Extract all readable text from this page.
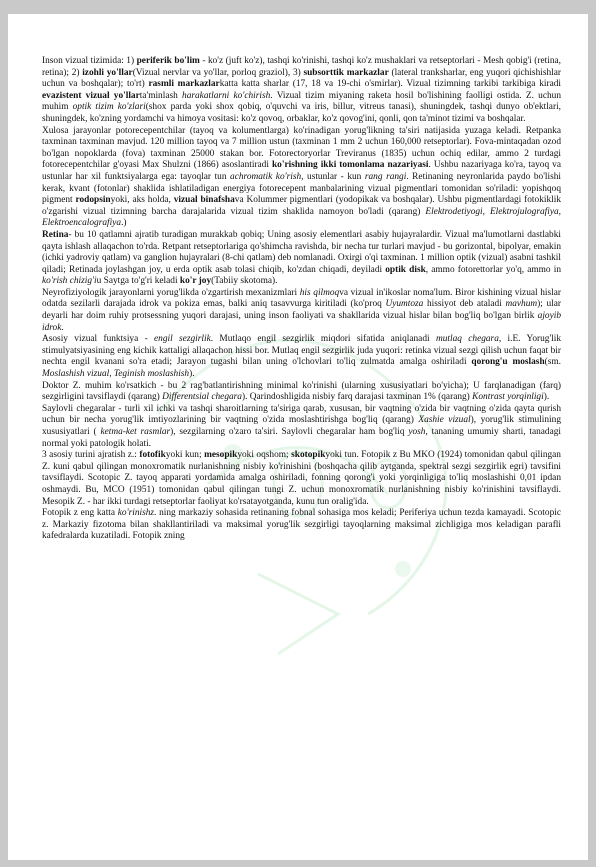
Inson vizual tizimida: 1) periferik bo'lim - ko'z (juft ko'z), tashqi ko'rinishi, tashqi ko'z mushaklari va retseptorlari - Mesh qobig'i (retina, retina); 2) izohli yo'llar(Vizual nervlar va yo'llar, porloq graziol), 3) subsorttik markazlar (lateral tranksharlar, eng yuqori qichishishlar uchun va boshqalar); to'rt) rasmli markazlarkatta katta sharlar (17, 18 va 19-chi o'smirlar). Vizual tizimning tarkibi tarkibiga kiradi evazistent vizual yo'llarta'minlash harakatlarni ko'chirish. Vizual tizim miyaning raketa hosil bo'lishining faolligi ostida. Z. uchun muhim optik tizim ko'zlari(shox parda yoki shox qobiq, o'quvchi va iris, billur, vitreus tanasi), shuningdek, tashqi dunyo ob'ektlari, shuningdek, ko'zning yordamchi va himoya vositasi: ko'z qovoq, orbaklar, ko'z qovog'ini, qonli, qon ta'minot tizimi va boshqalar.

Xulosa jarayonlar potorecepentchilar (tayoq va kolumentlarga) ko'rinadigan yorug'likning ta'siri natijasida yuzaga keladi. Retpanka taxminan taxminan mavjud. 120 million tayoq va 7 million ustun (taxminan 1 mm 2 uchun 160,000 retseptorlar). Fova-mintaqadan ozod bo'lgan nopoklarda (fova) taxminan 25000 stakan bor. Fotorectoryorlar Treviranus (1835) uchun ochiq edilar, ammo 2 turdagi fotorecepentchilar g'oyasi Max Shulzni (1866) asoslantiradi ko'rishning ikki tomonlama nazariyasi. Ushbu nazariyaga ko'ra, tayoq va ustunlar har xil funktsiyalarga ega: tayoqlar tun achromatik ko'rish, ustunlar - kun rang rangi. Retinaning neyronlarida paydo bo'lishi kerak, kvant (fotonlar) shaklida ishlatiladigan energiya fotorecepent manbalarining vizual pigmentlari tomonidan so'riladi: yopishqoq pigment rodopsinyoki, aks holda, vizual binafshava Kolummer pigmentlari (yodopikak va boshqalar). Ushbu pigmentlardagi fotokiklik o'zgarishi vizual tizimning barcha darajalarida vizual tizim shaklida namoyon bo'ladi (qarang) Elektrodetiyogi, Elektrojulografiya, Elektroencalografiya.)

Retina- bu 10 qatlamni ajratib turadigan murakkab qobiq; Uning asosiy elementlari asabiy hujayralardir. Vizual ma'lumotlarni dastlabki qayta ishlash allaqachon to'rda. Retpant retseptorlariga qo'shimcha ravishda, bir necha tur turlari mavjud - bu gorizontal, bipolyar, emakin (ichki yadroviy qatlam) va ganglion hujayralari (8-chi qatlam) deb nomlanadi. Oxirgi o'qi taxminan. 1 million optik (vizual) asabni tashkil qiladi; Retinada joylashgan joy, u erda optik asab tolasi chiqib, ko'zdan chiqadi, deyiladi optik disk, ammo fotorettorlar yo'q, ammo in ko'rish chizig'iu Saytga to'g'ri keladi ko'r joy(Tabiiy skotoma).

Neyrofiziyologik jarayonlarni yorug'likda o'zgartirish mexanizmlari his qilmoqva vizual in'ikoslar noma'lum. Biror kishining vizual hislar odatda sezilarli darajada idrok va pokiza emas, balki aniq tasavvurga kiritiladi (ko'proq Uyumtoza hissiyot deb ataladi mavhum); ular deyarli har doim ruhiy protsessning yuqori darajasi, uning inson faoliyati va shakllarida vizual hislar bilan bog'liq bo'lgan birlik ajoyib idrok.

Asosiy vizual funktsiya - engil sezgirlik. Mutlaqo engil sezgirlik miqdori sifatida aniqlanadi mutlaq chegara, i.E. Yorug'lik stimulyatsiyasining eng kichik kattaligi allaqachon hissi bor. Mutlaq engil sezgirlik juda yuqori: retinka vizual sezgi qilish uchun faqat bir nechta engil kvanani so'ra etadi; Jarayon tugashi bilan uning o'lchovlari to'liq zulmatda amalga oshiriladi qorong'u moslash(sm. Moslashish vizual, Teginish moslashish).

Doktor Z. muhim ko'rsatkich - bu 2 rag'batlantirishning minimal ko'rinishi (ularning xususiyatlari bo'yicha); U farqlanadigan (farq) sezgirligini tavsiflaydi (qarang) Differentsial chegara). Qarindoshligida nisbiy farq darajasi taxminan 1% (qarang) Kontrast yorqinligi).

Saylovli chegaralar - turli xil ichki va tashqi sharoitlarning ta'siriga qarab, xususan, bir vaqtning o'zida bir vaqtning o'zida qayta qurish uchun bir necha yorug'lik imtiyozlarining bir vaqtning o'zida moslashtirishga bog'liq (qarang) Xashie vizual), yorug'lik stimulining xususiyatlari ( ketma-ket rasmlar), sezgilarning o'zaro ta'siri. Saylovli chegaralar ham bog'liq yosh, tananing umumiy sharti, tanadagi normal yoki patologik holati.

3 asosiy turini ajratish z.: fotofikyoki kun; mesopikyoki oqshom; skotopikyoki tun. Fotopik z Bu MKO (1924) tomonidan qabul qilingan Z. kuni qabul qilingan monoxromatik nurlanishning nisbiy ko'rinishini (boshqacha qilib aytganda, spektral sezgi sezgirlik egri) tavsifini tavsiflaydi. Scotopic Z. tayoq apparati yordamida amalga oshiriladi, fonning qorong'i yoki yorqinligiga to'liq moslashishi 0,01 ipdan oshmaydi. Bu, MCO (1951) tomonidan qabul qilingan tungi Z. uchun monoxromatik nurlanishning nisbiy ko'rinishini tavsiflaydi. Mesopik Z. - har ikki turdagi retseptorlar faoliyat ko'rsatayotganda, kunu tun oralig'ida.

Fotopik z eng katta ko'rinishz. ning markaziy sohasida retinaning fobnal sohasiga mos keladi; Periferiya uchun tezda kamayadi. Scotopic z. Markaziy fizotoma bilan shakllantiriladi va maksimal yorug'lik sezgirligi tayoqlarning maksimal zichligiga mos keladigan parafli kafedralarda kuzatiladi. Fotopik zning
